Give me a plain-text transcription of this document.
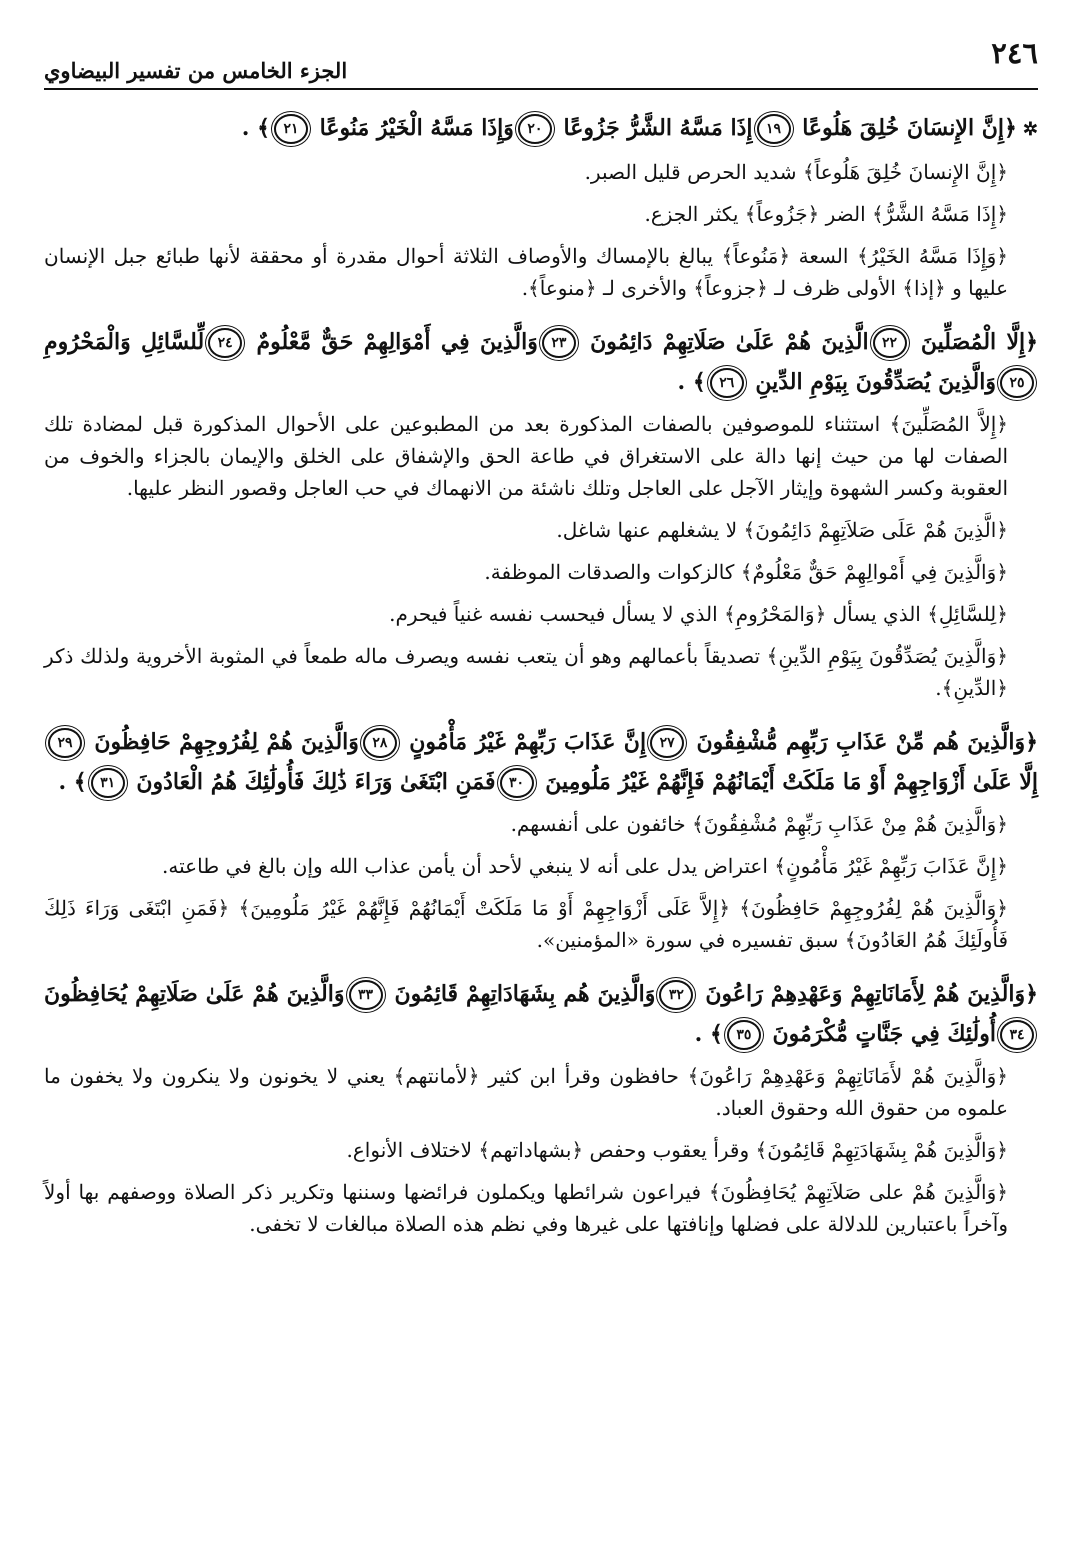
٢٤٦
الجزء الخامس من تفسير البيضاوي

✲﴿إِنَّ الإِنسَانَ خُلِقَ هَلُوعًا ١٩إِذَا مَسَّهُ الشَّرُّ جَزُوعًا ٢٠وَإِذَا مَسَّهُ الْخَيْرُ مَنُوعًا ٢١﴾ .

﴿إِنَّ الإِنسانَ خُلِقَ هَلُوعاً﴾ شديد الحرص قليل الصبر.

﴿إِذَا مَسَّهُ الشَّرُّ﴾ الضر ﴿جَزُوعاً﴾ يكثر الجزع.

﴿وَإِذَا مَسَّهُ الخَيْرُ﴾ السعة ﴿مَنُوعاً﴾ يبالغ بالإمساك والأوصاف الثلاثة أحوال مقدرة أو محققة لأنها طبائع جبل الإنسان عليها و ﴿إذا﴾ الأولى ظرف لـ ﴿جزوعاً﴾ والأخرى لـ ﴿منوعاً﴾.

﴿إِلَّا الْمُصَلِّينَ ٢٢الَّذِينَ هُمْ عَلَىٰ صَلَاتِهِمْ دَائِمُونَ ٢٣وَالَّذِينَ فِي أَمْوَالِهِمْ حَقٌّ مَّعْلُومٌ ٢٤لِّلسَّائِلِ وَالْمَحْرُومِ ٢٥وَالَّذِينَ يُصَدِّقُونَ بِيَوْمِ الدِّينِ ٢٦﴾ .

﴿إِلاَّ المُصَلِّينَ﴾ استثناء للموصوفين بالصفات المذكورة بعد من المطبوعين على الأحوال المذكورة قبل لمضادة تلك الصفات لها من حيث إنها دالة على الاستغراق في طاعة الحق والإشفاق على الخلق والإيمان بالجزاء والخوف من العقوبة وكسر الشهوة وإيثار الآجل على العاجل وتلك ناشئة من الانهماك في حب العاجل وقصور النظر عليها.

﴿الَّذِينَ هُمْ عَلَى صَلاَتِهِمْ دَائِمُونَ﴾ لا يشغلهم عنها شاغل.

﴿وَالَّذِينَ فِي أَمْوالِهِمْ حَقٌّ مَعْلُومٌ﴾ كالزكوات والصدقات الموظفة.

﴿لِلسَّائِلِ﴾ الذي يسأل ﴿وَالمَحْرُومِ﴾ الذي لا يسأل فيحسب نفسه غنياً فيحرم.

﴿وَالَّذِينَ يُصَدِّقُونَ بِيَوْمِ الدِّينِ﴾ تصديقاً بأعمالهم وهو أن يتعب نفسه ويصرف ماله طمعاً في المثوبة الأخروية ولذلك ذكر ﴿الدِّينِ﴾.

﴿وَالَّذِينَ هُم مِّنْ عَذَابِ رَبِّهِم مُّشْفِقُونَ ٢٧إِنَّ عَذَابَ رَبِّهِمْ غَيْرُ مَأْمُونٍ ٢٨وَالَّذِينَ هُمْ لِفُرُوجِهِمْ حَافِظُونَ ٢٩إِلَّا عَلَىٰ أَزْوَاجِهِمْ أَوْ مَا مَلَكَتْ أَيْمَانُهُمْ فَإِنَّهُمْ غَيْرُ مَلُومِينَ ٣٠فَمَنِ ابْتَغَىٰ وَرَاءَ ذَٰلِكَ فَأُولَٰئِكَ هُمُ الْعَادُونَ ٣١﴾ .

﴿وَالَّذِينَ هُمْ مِنْ عَذَابِ رَبِّهِمْ مُشْفِقُونَ﴾ خائفون على أنفسهم.

﴿إِنَّ عَذَابَ رَبِّهِمْ غَيْرُ مَأْمُونٍ﴾ اعتراض يدل على أنه لا ينبغي لأحد أن يأمن عذاب الله وإن بالغ في طاعته.

﴿وَالَّذِينَ هُمْ لِفُرُوجِهِمْ حَافِظُونَ﴾ ﴿إِلاَّ عَلَى أَزْوَاجِهِمْ أَوْ مَا مَلَكَتْ أَيْمَانُهُمْ فَإِنَّهُمْ غَيْرُ مَلُومِينَ﴾ ﴿فَمَنِ ابْتَغَى وَرَاءَ ذَلِكَ فَأُولَئِكَ هُمُ العَادُونَ﴾ سبق تفسيره في سورة «المؤمنين».

﴿وَالَّذِينَ هُمْ لِأَمَانَاتِهِمْ وَعَهْدِهِمْ رَاعُونَ ٣٢وَالَّذِينَ هُم بِشَهَادَاتِهِمْ قَائِمُونَ ٣٣وَالَّذِينَ هُمْ عَلَىٰ صَلَاتِهِمْ يُحَافِظُونَ ٣٤أُولَٰئِكَ فِي جَنَّاتٍ مُّكْرَمُونَ ٣٥﴾ .

﴿وَالَّذِينَ هُمْ لأَمَانَاتِهِمْ وَعَهْدِهِمْ رَاعُونَ﴾ حافظون وقرأ ابن كثير ﴿لأمانتهم﴾ يعني لا يخونون ولا ينكرون ولا يخفون ما علموه من حقوق الله وحقوق العباد.

﴿وَالَّذِينَ هُمْ بِشَهَادَتِهِمْ قَائِمُونَ﴾ وقرأ يعقوب وحفص ﴿بشهاداتهم﴾ لاختلاف الأنواع.

﴿وَالَّذِينَ هُمْ على صَلاَتِهِمْ يُحَافِظُونَ﴾ فيراعون شرائطها ويكملون فرائضها وسننها وتكرير ذكر الصلاة ووصفهم بها أولاً وآخراً باعتبارين للدلالة على فضلها وإنافتها على غيرها وفي نظم هذه الصلاة مبالغات لا تخفى.
